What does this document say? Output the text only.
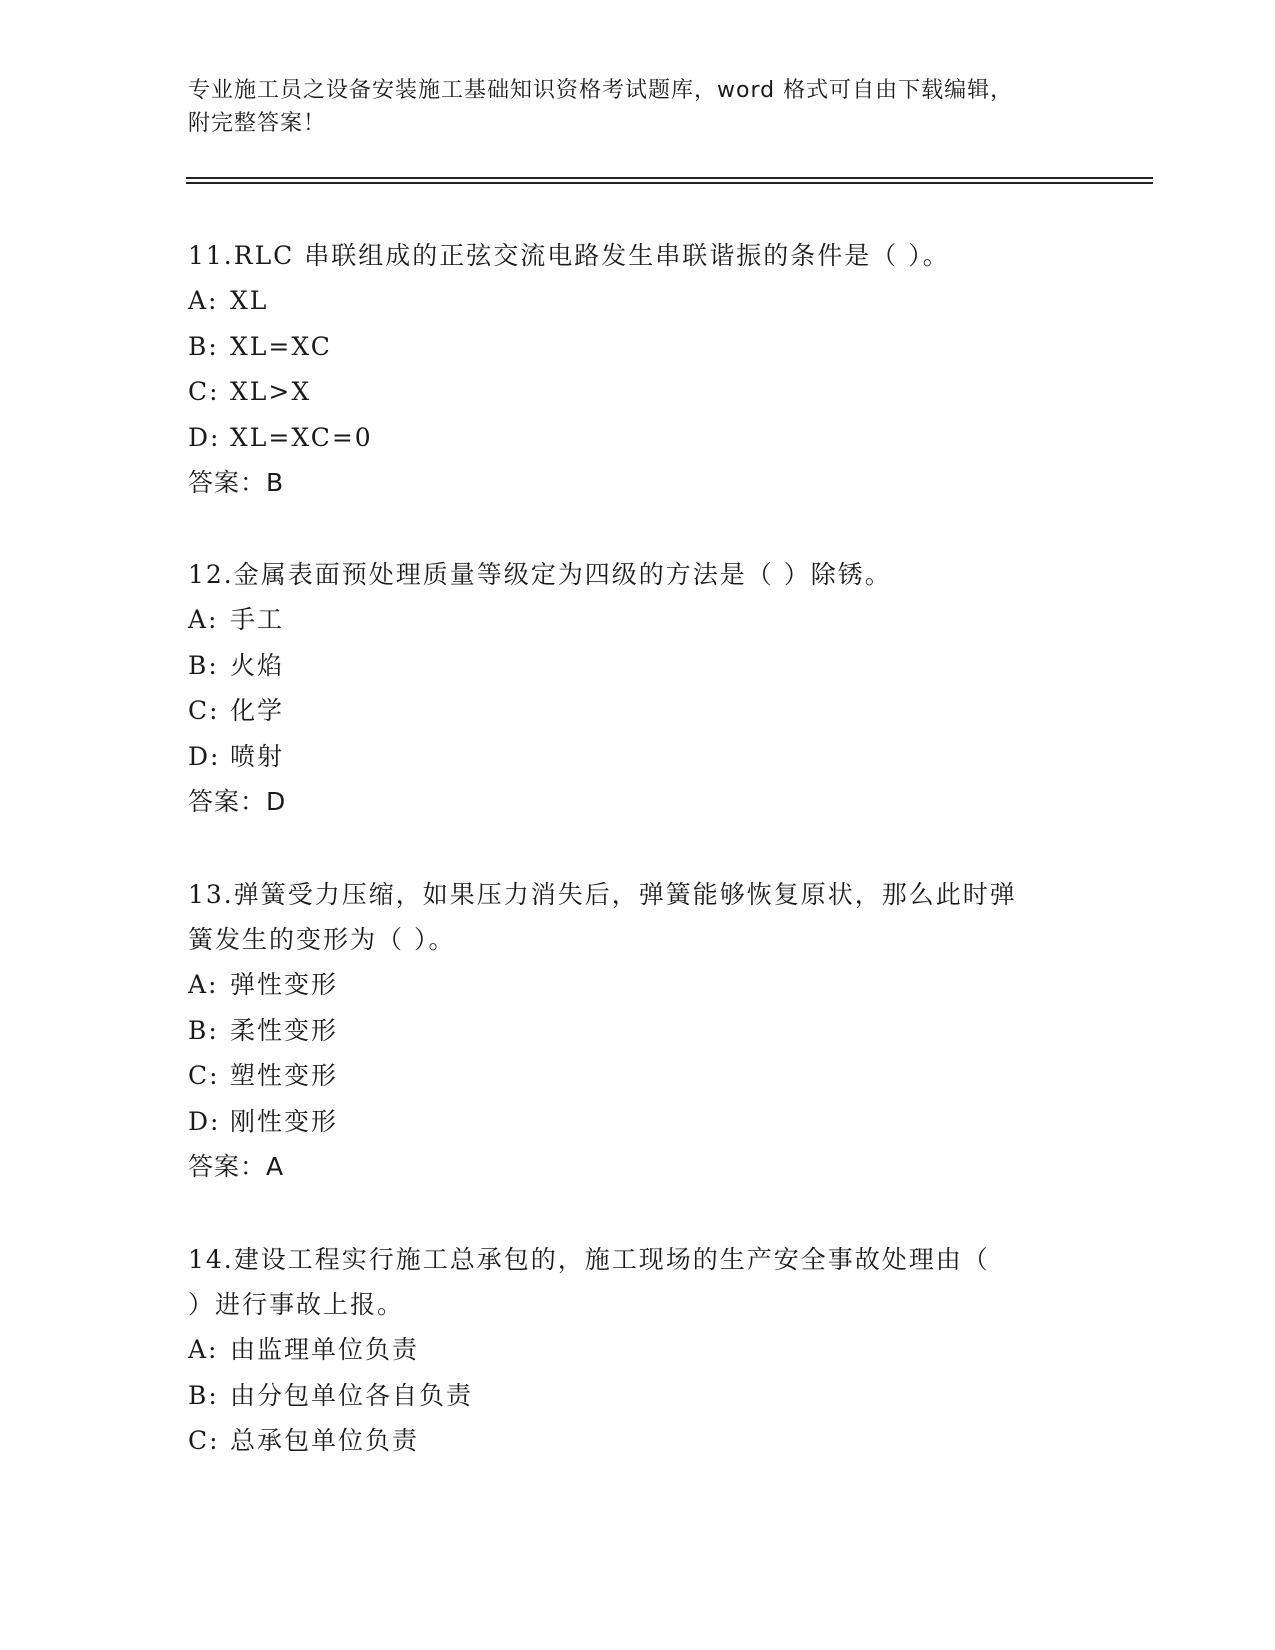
专业施工员之设备安装施工基础知识资格考试题库，word 格式可自由下载编辑，
附完整答案！

11.RLC 串联组成的正弦交流电路发生串联谐振的条件是（ ）。

A: XL

B: XL=XC

C: XL>X

D: XL=XC=0

答案：B

12.金属表面预处理质量等级定为四级的方法是（ ）除锈。

A: 手工

B: 火焰

C: 化学

D: 喷射

答案：D

13.弹簧受力压缩，如果压力消失后，弹簧能够恢复原状，那么此时弹
簧发生的变形为（ ）。

A: 弹性变形

B: 柔性变形

C: 塑性变形

D: 刚性变形

答案：A

14.建设工程实行施工总承包的，施工现场的生产安全事故处理由（
）进行事故上报。

A: 由监理单位负责

B: 由分包单位各自负责

C: 总承包单位负责
